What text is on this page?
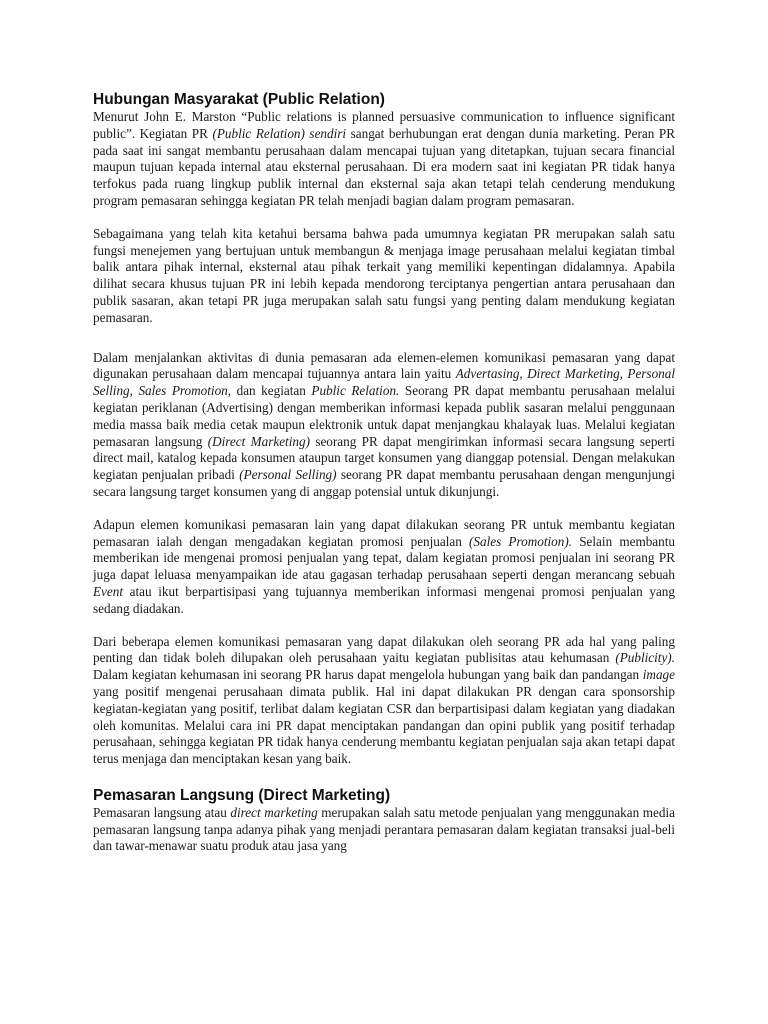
Hubungan Masyarakat (Public Relation)

Menurut John E. Marston “Public relations is planned persuasive communication to influence significant public”. Kegiatan PR (Public Relation) sendiri sangat berhubungan erat dengan dunia marketing. Peran PR pada saat ini sangat membantu perusahaan dalam mencapai tujuan yang ditetapkan, tujuan secara financial maupun tujuan kepada internal atau eksternal perusahaan. Di era modern saat ini kegiatan PR tidak hanya terfokus pada ruang lingkup publik internal dan eksternal saja akan tetapi telah cenderung mendukung program pemasaran sehingga kegiatan PR telah menjadi bagian dalam program pemasaran.

Sebagaimana yang telah kita ketahui bersama bahwa pada umumnya kegiatan PR merupakan salah satu fungsi menejemen yang bertujuan untuk membangun & menjaga image perusahaan melalui kegiatan timbal balik antara pihak internal, eksternal atau pihak terkait yang memiliki kepentingan didalamnya. Apabila dilihat secara khusus tujuan PR ini lebih kepada mendorong terciptanya pengertian antara perusahaan dan publik sasaran, akan tetapi PR juga merupakan salah satu fungsi yang penting dalam mendukung kegiatan pemasaran.

Dalam menjalankan aktivitas di dunia pemasaran ada elemen-elemen komunikasi pemasaran yang dapat digunakan perusahaan dalam mencapai tujuannya antara lain yaitu Advertasing, Direct Marketing, Personal Selling, Sales Promotion, dan kegiatan Public Relation. Seorang PR dapat membantu perusahaan melalui kegiatan periklanan (Advertising) dengan memberikan informasi kepada publik sasaran melalui penggunaan media massa baik media cetak maupun elektronik untuk dapat menjangkau khalayak luas. Melalui kegiatan pemasaran langsung (Direct Marketing) seorang PR dapat mengirimkan informasi secara langsung seperti direct mail, katalog kepada konsumen ataupun target konsumen yang dianggap potensial. Dengan melakukan kegiatan penjualan pribadi (Personal Selling) seorang PR dapat membantu perusahaan dengan mengunjungi secara langsung target konsumen yang di anggap potensial untuk dikunjungi.

Adapun elemen komunikasi pemasaran lain yang dapat dilakukan seorang PR untuk membantu kegiatan pemasaran ialah dengan mengadakan kegiatan promosi penjualan (Sales Promotion). Selain membantu memberikan ide mengenai promosi penjualan yang tepat, dalam kegiatan promosi penjualan ini seorang PR juga dapat leluasa menyampaikan ide atau gagasan terhadap perusahaan seperti dengan merancang sebuah Event atau ikut berpartisipasi yang tujuannya memberikan informasi mengenai promosi penjualan yang sedang diadakan.

Dari beberapa elemen komunikasi pemasaran yang dapat dilakukan oleh seorang PR ada hal yang paling penting dan tidak boleh dilupakan oleh perusahaan yaitu kegiatan publisitas atau kehumasan (Publicity). Dalam kegiatan kehumasan ini seorang PR harus dapat mengelola hubungan yang baik dan pandangan image yang positif mengenai perusahaan dimata publik. Hal ini dapat dilakukan PR dengan cara sponsorship kegiatan-kegiatan yang positif, terlibat dalam kegiatan CSR dan berpartisipasi dalam kegiatan yang diadakan oleh komunitas. Melalui cara ini PR dapat menciptakan pandangan dan opini publik yang positif terhadap perusahaan, sehingga kegiatan PR tidak hanya cenderung membantu kegiatan penjualan saja akan tetapi dapat terus menjaga dan menciptakan kesan yang baik.

Pemasaran Langsung (Direct Marketing)

Pemasaran langsung atau direct marketing merupakan salah satu metode penjualan yang menggunakan media pemasaran langsung tanpa adanya pihak yang menjadi perantara pemasaran dalam kegiatan transaksi jual-beli dan tawar-menawar suatu produk atau jasa yang
